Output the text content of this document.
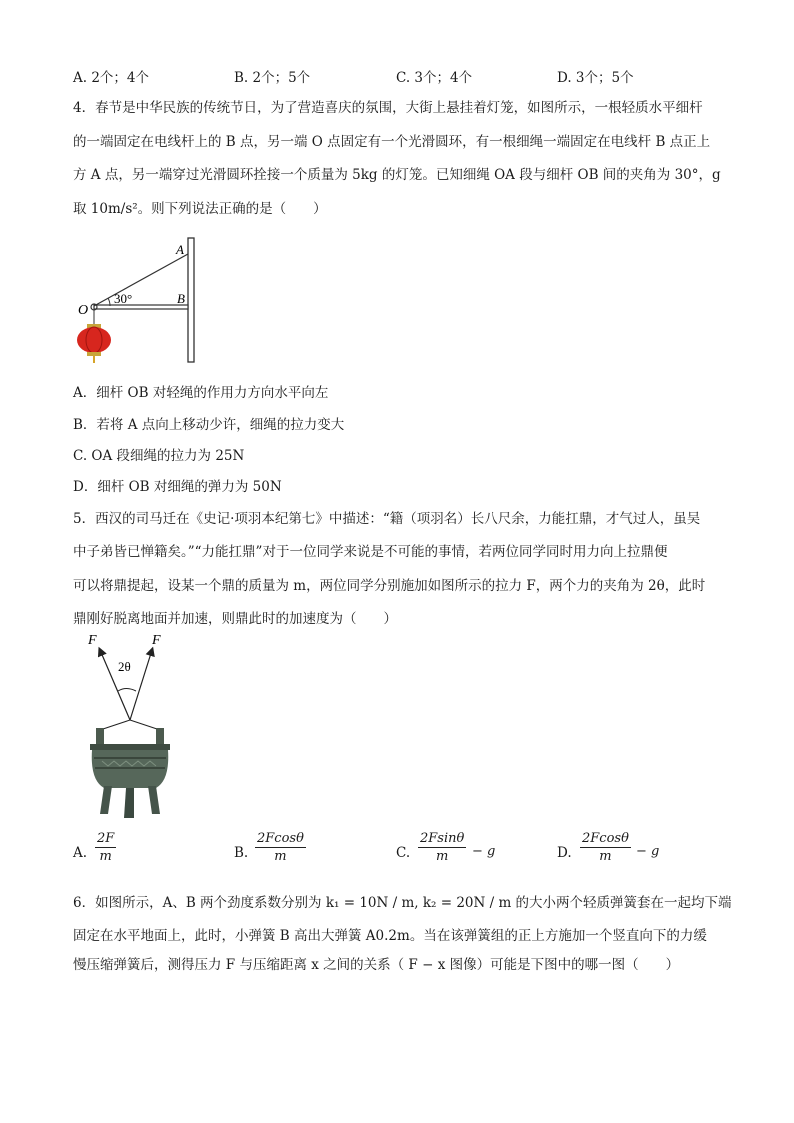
A. 2个；4个	B. 2个；5个	C. 3个；4个	D. 3个；5个
4．春节是中华民族的传统节日，为了营造喜庆的氛围，大街上悬挂着灯笼，如图所示，一根轻质水平细杆
的一端固定在电线杆上的 B 点，另一端 O 点固定有一个光滑圆环，有一根细绳一端固定在电线杆 B 点正上
方 A 点，另一端穿过光滑圆环拴接一个质量为 5kg 的灯笼。已知细绳 OA 段与细杆 OB 间的夹角为 30°，g
取 10m/s²。则下列说法正确的是（　　）
A
B
O
30°
A．细杆 OB 对轻绳的作用力方向水平向左
B．若将 A 点向上移动少许，细绳的拉力变大
C. OA 段细绳的拉力为 25N
D．细杆 OB 对细绳的弹力为 50N
5．西汉的司马迁在《史记·项羽本纪第七》中描述：“籍（项羽名）长八尺余，力能扛鼎，才气过人，虽吴
中子弟皆已惮籍矣。”“力能扛鼎”对于一位同学来说是不可能的事情，若两位同学同时用力向上拉鼎便
可以将鼎提起，设某一个鼎的质量为 m，两位同学分别施加如图所示的拉力 F，两个力的夹角为 2θ，此时
鼎刚好脱离地面并加速，则鼎此时的加速度为（　　）
F	F
2θ
A. $\frac{2F}{m}$	B. $\frac{2Fcos\theta}{m}$	C. $\frac{2Fsin\theta}{m} - g$	D. $\frac{2Fcos\theta}{m} - g$
6．如图所示，A、B 两个劲度系数分别为 k₁ = 10N / m, k₂ = 20N / m 的大小两个轻质弹簧套在一起均下端
固定在水平地面上，此时，小弹簧 B 高出大弹簧 A0.2m。当在该弹簧组的正上方施加一个竖直向下的力缓
慢压缩弹簧后，测得压力 F 与压缩距离 x 之间的关系（ F − x 图像）可能是下图中的哪一图（　　）
